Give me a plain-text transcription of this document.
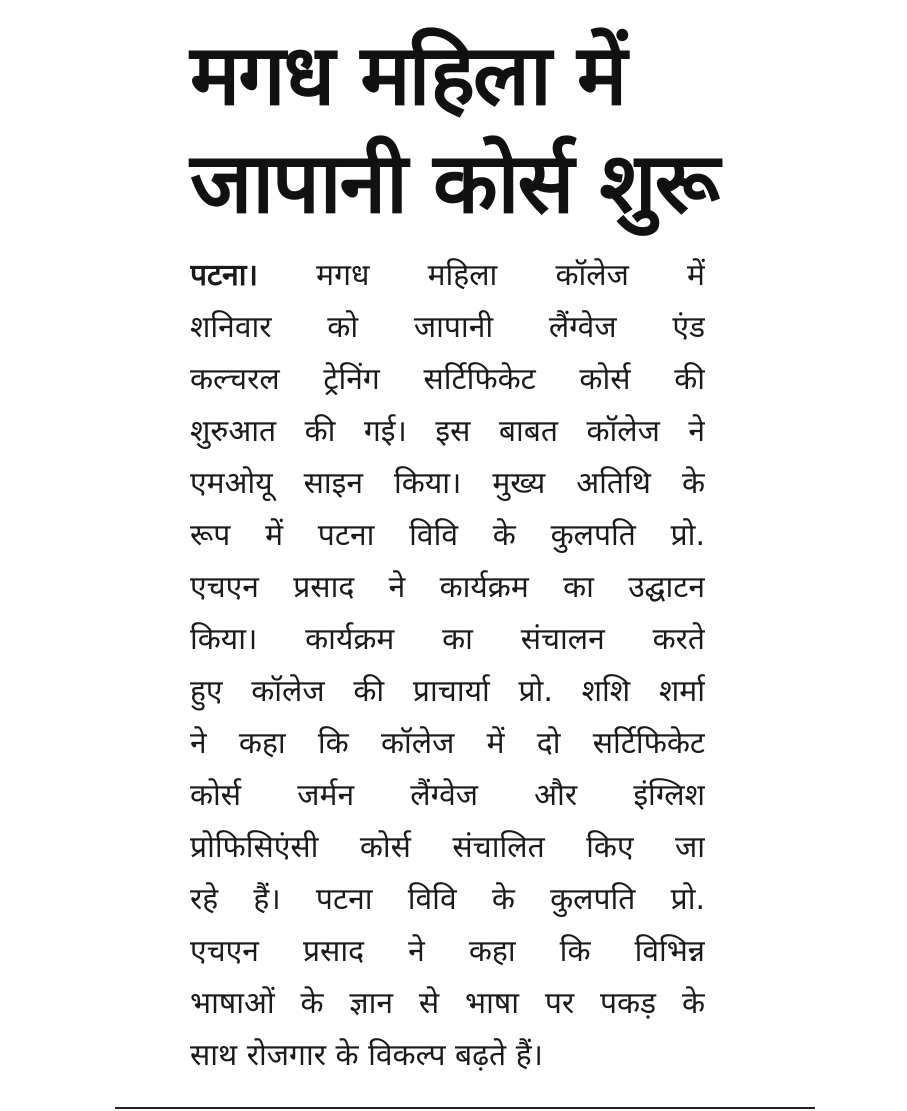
मगध महिला में
जापानी कोर्स शुरू
पटना। मगध महिला कॉलेज में
शनिवार को जापानी लैंग्वेज एंड
कल्चरल ट्रेनिंग सर्टिफिकेट कोर्स की
शुरुआत की गई। इस बाबत कॉलेज ने
एमओयू साइन किया। मुख्य अतिथि के
रूप में पटना विवि के कुलपति प्रो.
एचएन प्रसाद ने कार्यक्रम का उद्घाटन
किया। कार्यक्रम का संचालन करते
हुए कॉलेज की प्राचार्या प्रो. शशि शर्मा
ने कहा कि कॉलेज में दो सर्टिफिकेट
कोर्स जर्मन लैंग्वेज और इंग्लिश
प्रोफिसिएंसी कोर्स संचालित किए जा
रहे हैं। पटना विवि के कुलपति प्रो.
एचएन प्रसाद ने कहा कि विभिन्न
भाषाओं के ज्ञान से भाषा पर पकड़ के
साथ रोजगार के विकल्प बढ़ते हैं।
